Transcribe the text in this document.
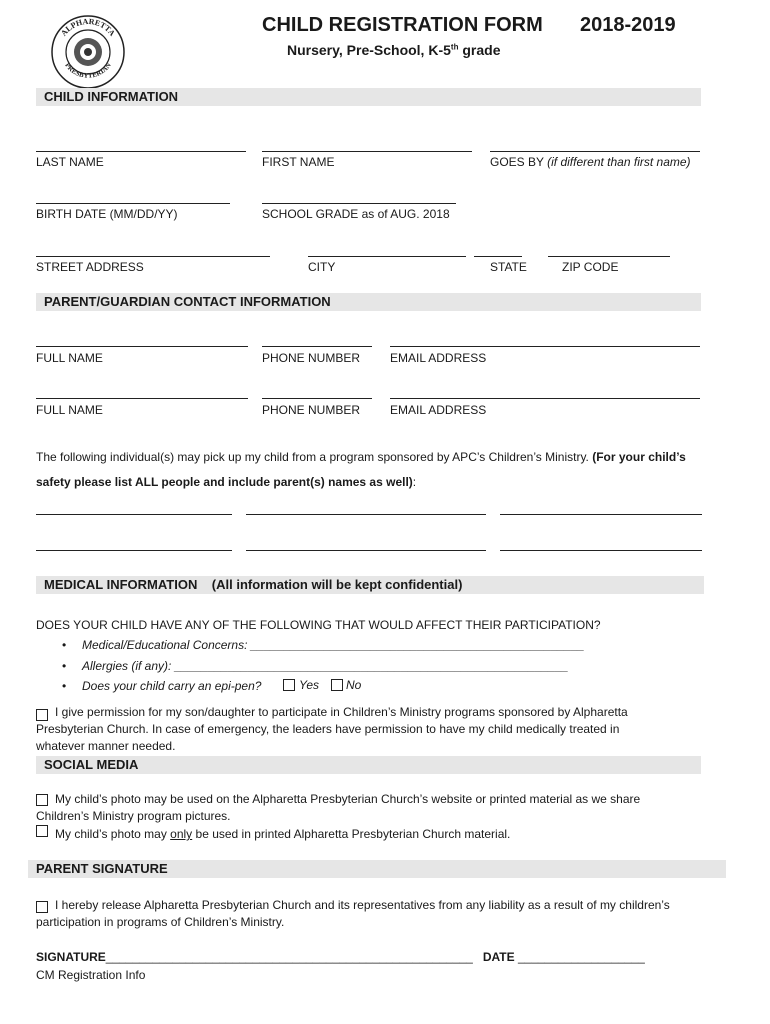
ALPHARETTA
PRESBYTERIAN
CHILD REGISTRATION FORM 2018-2019
Nursery, Pre-School, K-5th grade
CHILD INFORMATION
LAST NAME	FIRST NAME	GOES BY (if different than first name)
BIRTH DATE (MM/DD/YY)	SCHOOL GRADE as of AUG. 2018
STREET ADDRESS	CITY	STATE	ZIP CODE
PARENT/GUARDIAN CONTACT INFORMATION
FULL NAME	PHONE NUMBER EMAIL ADDRESS
FULL NAME	PHONE NUMBER EMAIL ADDRESS
The following individual(s) may pick up my child from a program sponsored by APC’s Children’s Ministry. (For your child’s
safety please list ALL people and include parent(s) names as well):
MEDICAL INFORMATION (All information will be kept confidential)
DOES YOUR CHILD HAVE ANY OF THE FOLLOWING THAT WOULD AFFECT THEIR PARTICIPATION?
• Medical/Educational Concerns: __________________________________________________
• Allergies (if any): ___________________________________________________________
• Does your child carry an epi-pen?	Yes No
I give permission for my son/daughter to participate in Children’s Ministry programs sponsored by Alpharetta
Presbyterian Church. In case of emergency, the leaders have permission to have my child medically treated in
whatever manner needed.
SOCIAL MEDIA
My child’s photo may be used on the Alpharetta Presbyterian Church’s website or printed material as we share
Children’s Ministry program pictures.
My child’s photo may only be used in printed Alpharetta Presbyterian Church material.
PARENT SIGNATURE
I hereby release Alpharetta Presbyterian Church and its representatives from any liability as a result of my children’s
participation in programs of Children’s Ministry.
SIGNATURE_______________________________________________________ DATE ___________________
CM Registration Info
